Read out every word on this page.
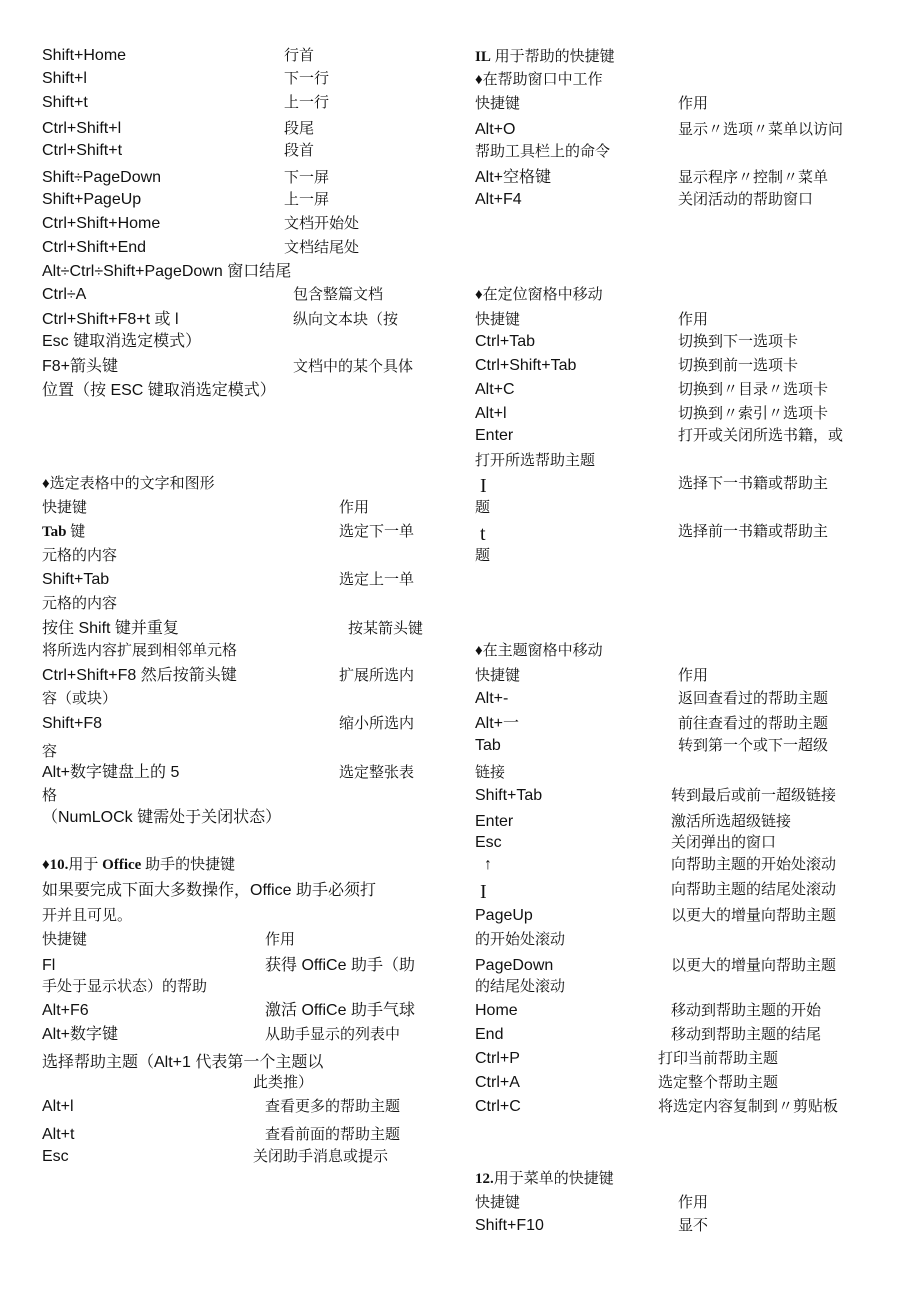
Shift+Home	行首
Shift+l	下一行
Shift+t	上一行
Ctrl+Shift+l	段尾
Ctrl+Shift+t	段首
Shift÷PageDown	下一屏
Shift+PageUp	上一屏
Ctrl+Shift+Home	文档开始处
Ctrl+Shift+End	文档结尾处
Alt÷Ctrl÷Shift+PageDown 窗口结尾
Ctrl÷A	包含整篇文档
Ctrl+Shift+F8+t 或 l	纵向文本块（按
Esc 键取消选定模式）
F8+箭头键	文档中的某个具体
位置（按 ESC 键取消选定模式）
♦选定表格中的文字和图形
快捷键	作用
Tab 键	选定下一单
元格的内容
Shift+Tab	选定上一单
元格的内容
按住 Shift 键并重复	按某箭头键
将所选内容扩展到相邻单元格
Ctrl+Shift+F8 然后按箭头键	扩展所选内
容（或块）
Shift+F8	缩小所选内
容
Alt+数字键盘上的 5	选定整张表
格
（NumLOCk 键需处于关闭状态）
♦10.用于 Office 助手的快捷键
如果要完成下面大多数操作，Office 助手必须打
开并且可见。
快捷键	作用
Fl	获得 OffiCe 助手（助
手处于显示状态）的帮助
Alt+F6	激活 OffiCe 助手气球
Alt+数字键	从助手显示的列表中
选择帮助主题（Alt+1 代表第一个主题以
此类推）
Alt+l	查看更多的帮助主题
Alt+t	查看前面的帮助主题
Esc	关闭助手消息或提示
IL 用于帮助的快捷键
♦在帮助窗口中工作
快捷键	作用
Alt+O	显示〃选项〃菜单以访问
帮助工具栏上的命令
Alt+空格键	显示程序〃控制〃菜单
Alt+F4	关闭活动的帮助窗口
♦在定位窗格中移动
快捷键	作用
Ctrl+Tab	切换到下一选项卡
Ctrl+Shift+Tab	切换到前一选项卡
Alt+C	切换到〃目录〃选项卡
Alt+l	切换到〃索引〃选项卡
Enter	打开或关闭所选书籍，或
打开所选帮助主题
I	选择下一书籍或帮助主
题
t	选择前一书籍或帮助主
题
♦在主题窗格中移动
快捷键	作用
Alt+-	返回查看过的帮助主题
Alt+一	前往查看过的帮助主题
Tab	转到第一个或下一超级
链接
Shift+Tab	转到最后或前一超级链接
Enter	激活所选超级链接
Esc	关闭弹出的窗口
↑	向帮助主题的开始处滚动
I	向帮助主题的结尾处滚动
PageUp	以更大的增量向帮助主题
的开始处滚动
PageDown	以更大的增量向帮助主题
的结尾处滚动
Home	移动到帮助主题的开始
End	移动到帮助主题的结尾
Ctrl+P	打印当前帮助主题
Ctrl+A	选定整个帮助主题
Ctrl+C	将选定内容复制到〃剪贴板
12.用于菜单的快捷键
快捷键	作用
Shift+F10	显不
